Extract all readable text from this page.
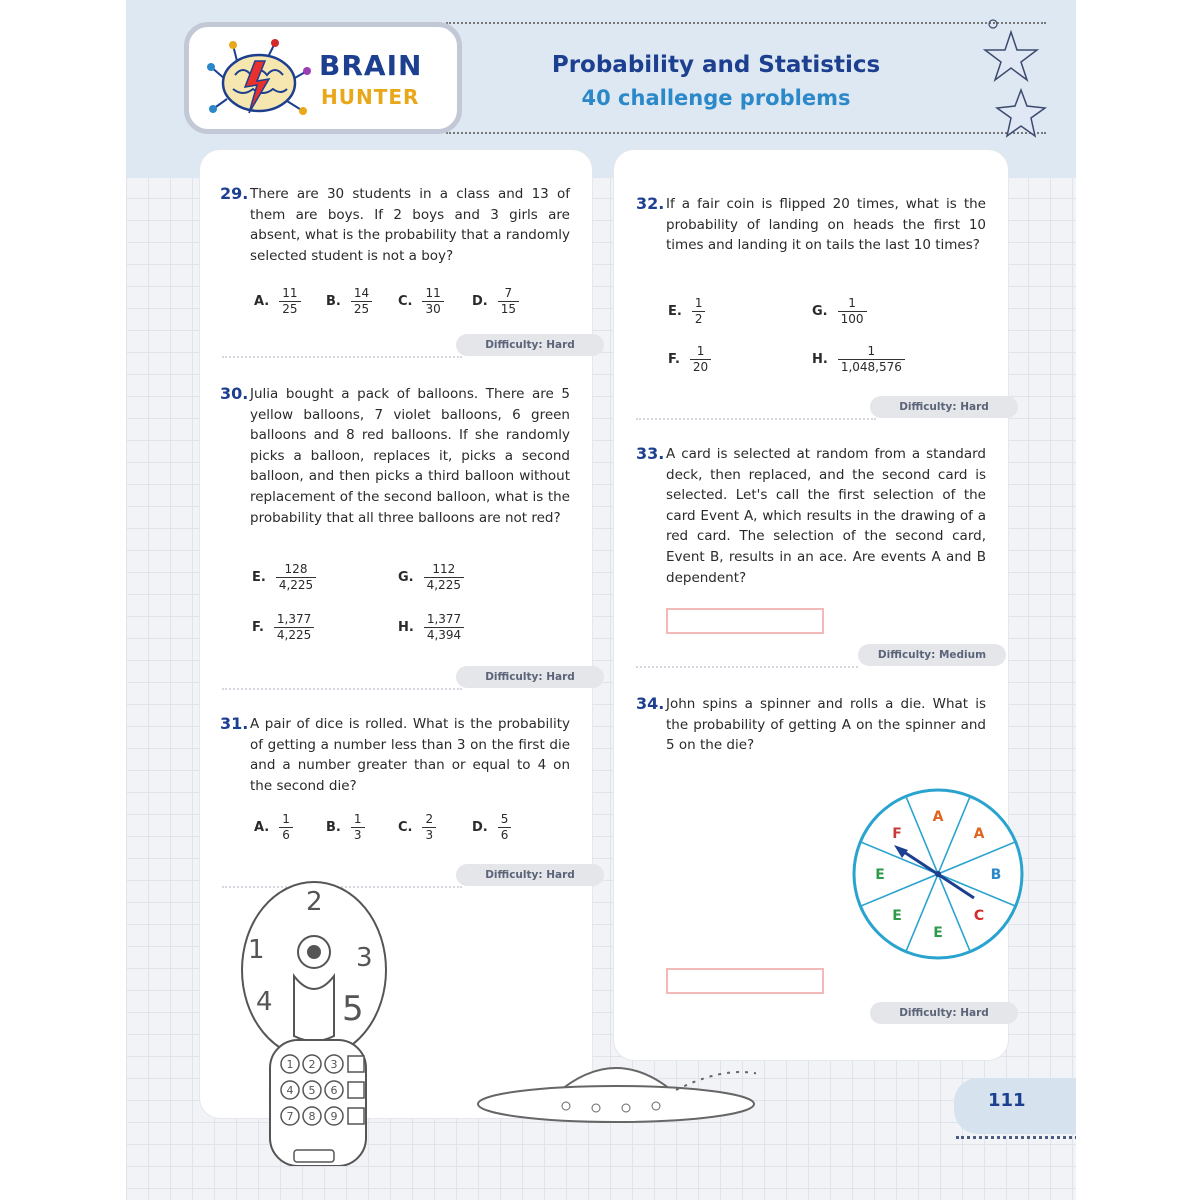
BRAIN
HUNTER
Probability and Statistics
40 challenge problems
29. There are 30 students in a class and 13 of them are boys. If 2 boys and 3 girls are absent, what is the probability that a randomly selected student is not a boy?
A. $\frac{11}{25} B$. $\frac{14}{25} C$. $\frac{11}{30} D$. $\frac{7}{15}$
Difficulty: Hard
30. Julia bought a pack of balloons. There are 5 yellow balloons, 7 violet balloons, 6 green balloons and 8 red balloons. If she randomly picks a balloon, replaces it, picks a second balloon, and then picks a third balloon without replacement of the second balloon, what is the probability that all three balloons are not red?
E. $\frac{128}{4,225}$	G. $\frac{112}{4,225}$
F. $\frac{1,377}{4,225}$	H. $\frac{1,377}{4,394}$
Difficulty: Hard
31. A pair of dice is rolled. What is the probability of getting a number less than 3 on the first die and a number greater than or equal to 4 on the second die?
A. $\frac{1}{6}$	B. $\frac{1}{3}$	C. $\frac{2}{3}$	D. $\frac{5}{6}$
Difficulty: Hard
32. If a fair coin is flipped 20 times, what is the probability of landing on heads the first 10 times and landing it on tails the last 10 times?
E. $\frac{1}{2}$	G. $\frac{1}{100}$
F. $\frac{1}{20}$	H. $\frac{1}{1,048,576}$
Difficulty: Hard
33. A card is selected at random from a standard deck, then replaced, and the second card is selected. Let's call the first selection of the card Event A, which results in the drawing of a red card. The selection of the second card, Event B, results in an ace. Are events A and B dependent?
Difficulty: Medium
34. John spins a spinner and rolls a die. What is the probability of getting A on the spinner and 5 on the die?
A
A
B
C
E
E
E
F
Difficulty: Hard
1
2
3
4 5
1 2 3
4 5 6
7 8 9
111
